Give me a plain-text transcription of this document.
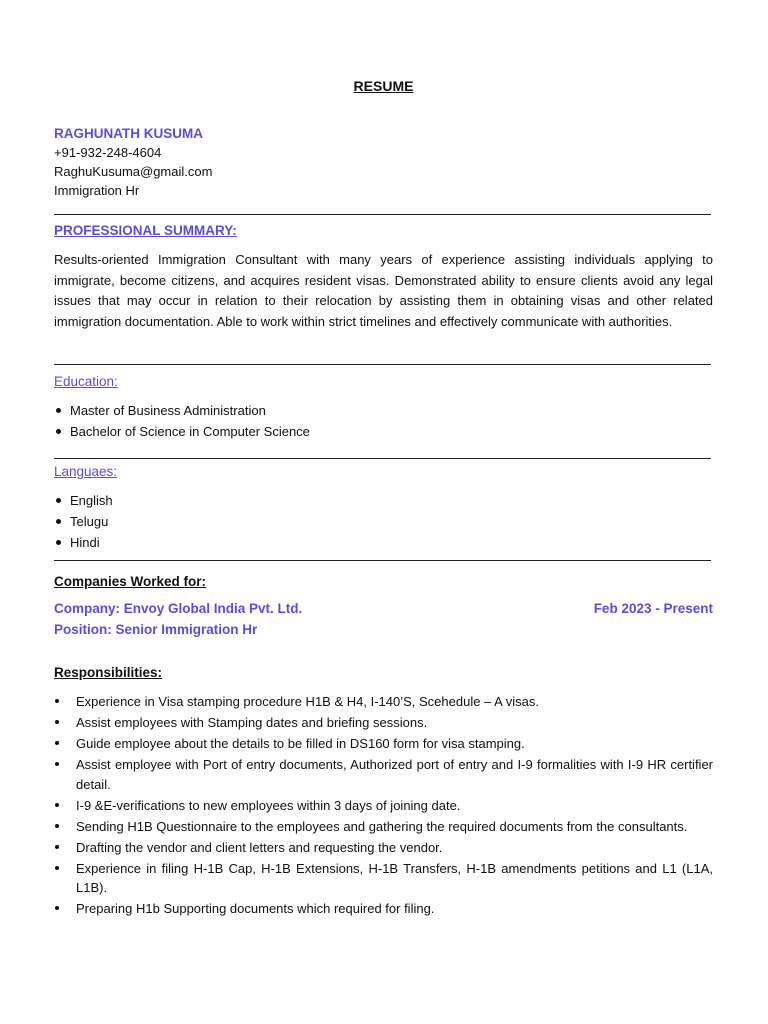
RESUME
RAGHUNATH KUSUMA
+91-932-248-4604
RaghuKusuma@gmail.com
Immigration Hr
PROFESSIONAL SUMMARY:

Results-oriented Immigration Consultant with many years of experience assisting individuals applying to immigrate, become citizens, and acquires resident visas. Demonstrated ability to ensure clients avoid any legal issues that may occur in relation to their relocation by assisting them in obtaining visas and other related immigration documentation. Able to work within strict timelines and effectively communicate with authorities.

Education:
Master of Business Administration
Bachelor of Science in Computer Science
Languaes:
English
Telugu
Hindi
Companies Worked for:
Company: Envoy Global India Pvt. Ltd.	Feb 2023 - Present
Position: Senior Immigration Hr
Responsibilities:
Experience in Visa stamping procedure H1B & H4, I-140’S, Scehedule – A visas.
Assist employees with Stamping dates and briefing sessions.
Guide employee about the details to be filled in DS160 form for visa stamping.
Assist employee with Port of entry documents, Authorized port of entry and I-9 formalities with I-9 HR certifier detail.
I-9 &E-verifications to new employees within 3 days of joining date.
Sending H1B Questionnaire to the employees and gathering the required documents from the consultants.
Drafting the vendor and client letters and requesting the vendor.
Experience in filing H-1B Cap, H-1B Extensions, H-1B Transfers, H-1B amendments petitions and L1 (L1A, L1B).
Preparing H1b Supporting documents which required for filing.
